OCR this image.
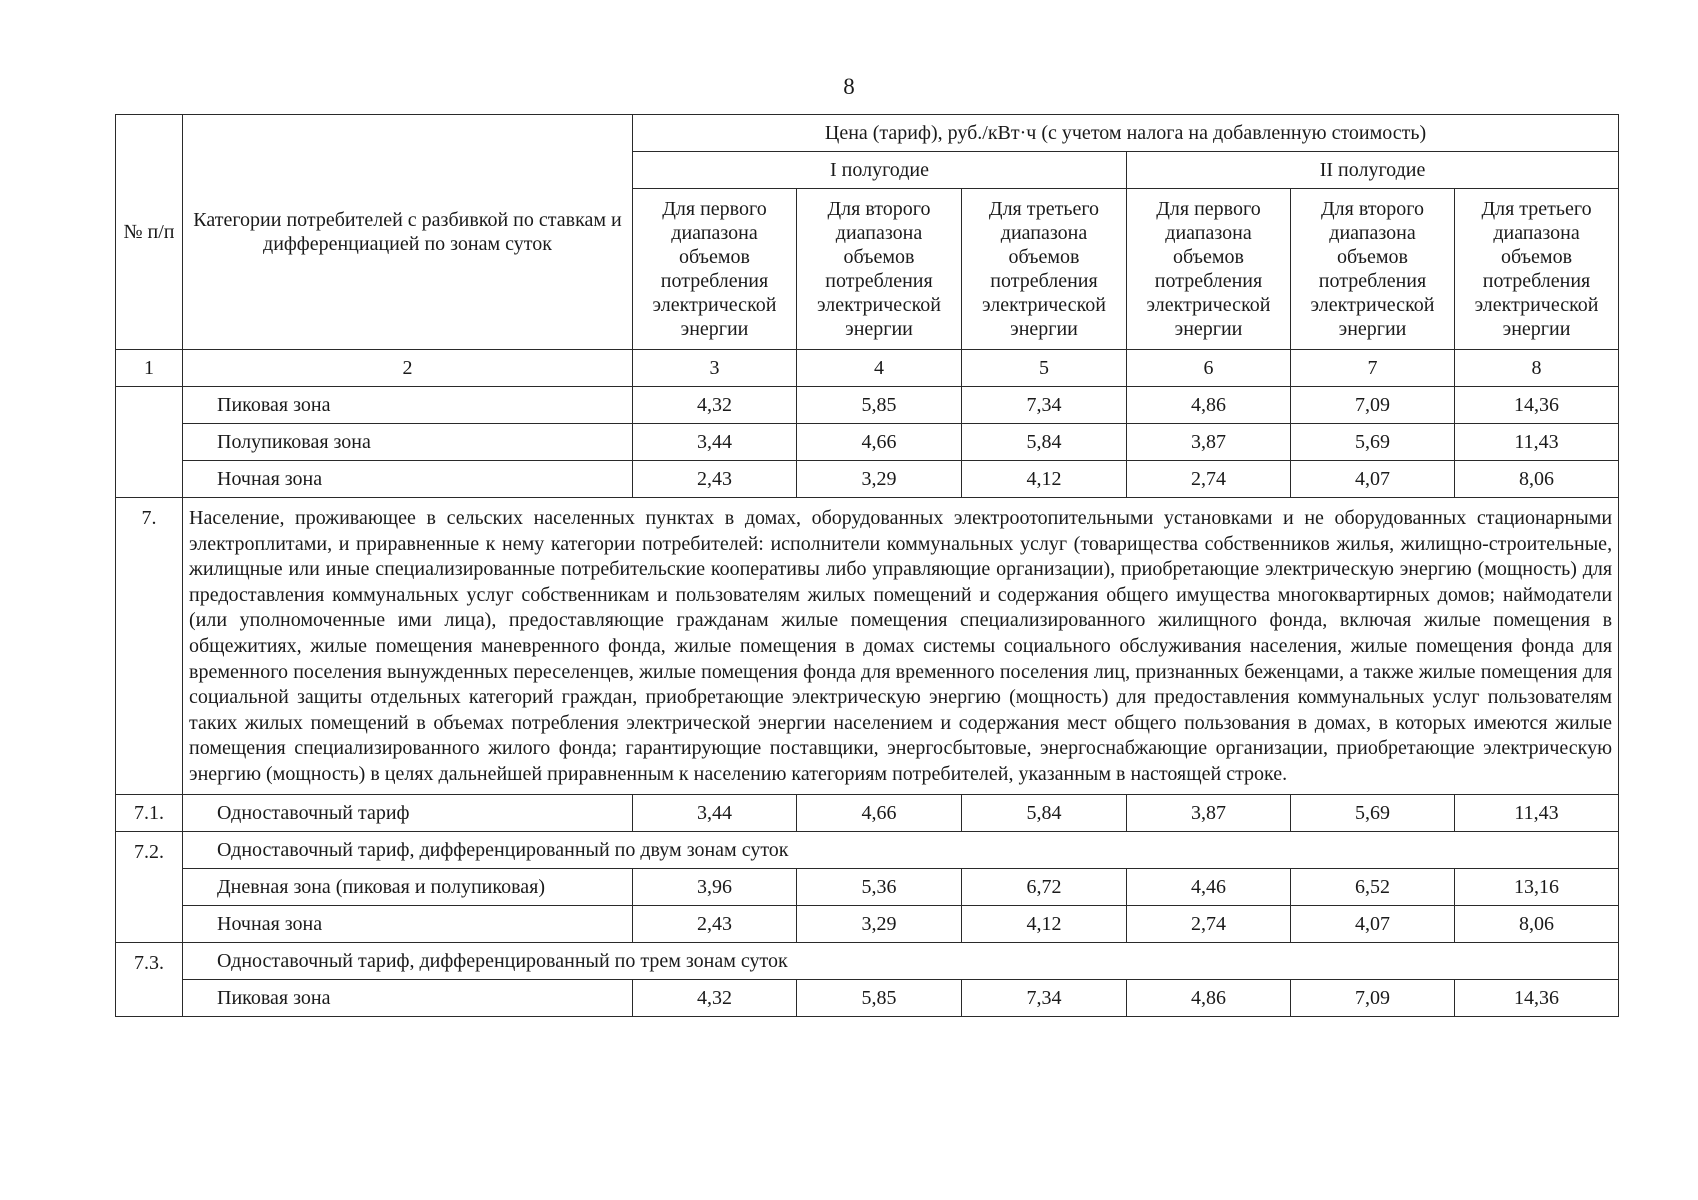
8
№ п/п	Категории потребителей с разбивкой по ставкам и дифференциацией по зонам суток	Цена (тариф), руб./кВт·ч (с учетом налога на добавленную стоимость)					
		I полугодие			II полугодие		
		Для первого диапазона объемов потребления электрической энергии	Для второго диапазона объемов потребления электрической энергии	Для третьего диапазона объемов потребления электрической энергии	Для первого диапазона объемов потребления электрической энергии	Для второго диапазона объемов потребления электрической энергии	Для третьего диапазона объемов потребления электрической энергии
1	2	3	4	5	6	7	8
	Пиковая зона	4,32	5,85	7,34	4,86	7,09	14,36
	Полупиковая зона	3,44	4,66	5,84	3,87	5,69	11,43
	Ночная зона	2,43	3,29	4,12	2,74	4,07	8,06
7.	Население, проживающее в сельских населенных пунктах в домах, оборудованных электроотопительными установками и не оборудованных стационарными электроплитами, и приравненные к нему категории потребителей: исполнители коммунальных услуг (товарищества собственников жилья, жилищно-строительные, жилищные или иные специализированные потребительские кооперативы либо управляющие организации), приобретающие электрическую энергию (мощность) для предоставления коммунальных услуг собственникам и пользователям жилых помещений и содержания общего имущества многоквартирных домов; наймодатели (или уполномоченные ими лица), предоставляющие гражданам жилые помещения специализированного жилищного фонда, включая жилые помещения в общежитиях, жилые помещения маневренного фонда, жилые помещения в домах системы социального обслуживания населения, жилые помещения фонда для временного поселения вынужденных переселенцев, жилые помещения фонда для временного поселения лиц, признанных беженцами, а также жилые помещения для социальной защиты отдельных категорий граждан, приобретающие электрическую энергию (мощность) для предоставления коммунальных услуг пользователям таких жилых помещений в объемах потребления электрической энергии населением и содержания мест общего пользования в домах, в которых имеются жилые помещения специализированного жилого фонда; гарантирующие поставщики, энергосбытовые, энергоснабжающие организации, приобретающие электрическую энергию (мощность) в целях дальнейшей приравненным к населению категориям потребителей, указанным в настоящей строке.						
7.1.	Одноставочный тариф	3,44	4,66	5,84	3,87	5,69	11,43
7.2.	Одноставочный тариф, дифференцированный по двум зонам суток						
	Дневная зона (пиковая и полупиковая)	3,96	5,36	6,72	4,46	6,52	13,16
	Ночная зона	2,43	3,29	4,12	2,74	4,07	8,06
7.3.	Одноставочный тариф, дифференцированный по трем зонам суток						
	Пиковая зона	4,32	5,85	7,34	4,86	7,09	14,36
